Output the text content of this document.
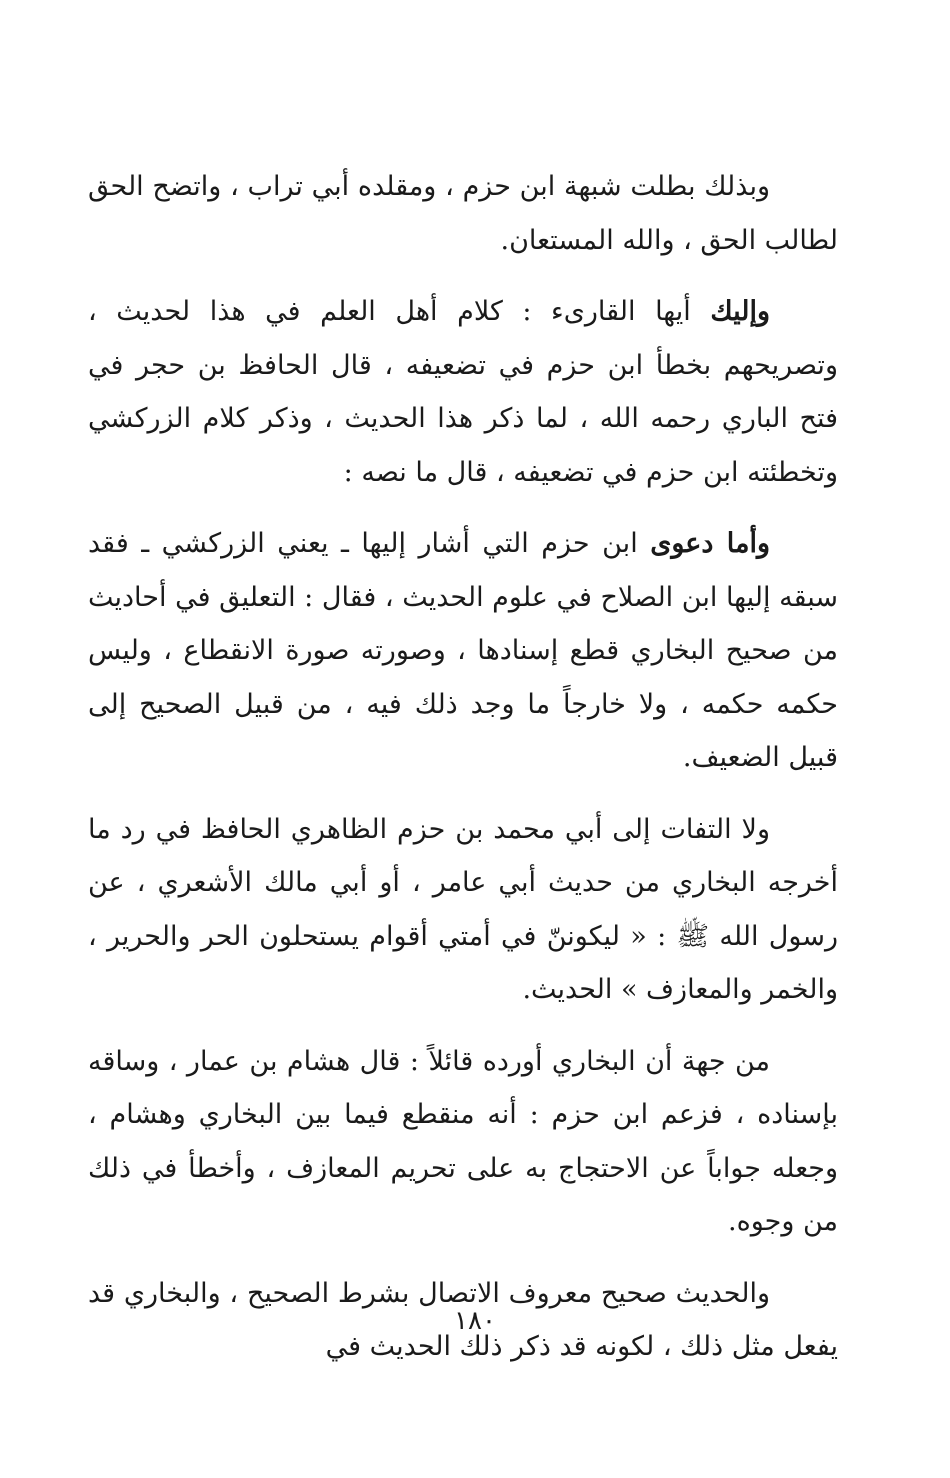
وبذلك بطلت شبهة ابن حزم ، ومقلده أبي تراب ، واتضح الحق لطالب الحق ، والله المستعان.

وإليك أيها القارىء : كلام أهل العلم في هذا لحديث ، وتصريحهم بخطأ ابن حزم في تضعيفه ، قال الحافظ بن حجر في فتح الباري رحمه الله ، لما ذكر هذا الحديث ، وذكر كلام الزركشي وتخطئته ابن حزم في تضعيفه ، قال ما نصه :

وأما دعوى ابن حزم التي أشار إليها ـ يعني الزركشي ـ فقد سبقه إليها ابن الصلاح في علوم الحديث ، فقال : التعليق في أحاديث من صحيح البخاري قطع إسنادها ، وصورته صورة الانقطاع ، وليس حكمه حكمه ، ولا خارجاً ما وجد ذلك فيه ، من قبيل الصحيح إلى قبيل الضعيف.

ولا التفات إلى أبي محمد بن حزم الظاهري الحافظ في رد ما أخرجه البخاري من حديث أبي عامر ، أو أبي مالك الأشعري ، عن رسول الله ﷺ : « ليكوننّ في أمتي أقوام يستحلون الحر والحرير ، والخمر والمعازف » الحديث.

من جهة أن البخاري أورده قائلاً : قال هشام بن عمار ، وساقه بإسناده ، فزعم ابن حزم : أنه منقطع فيما بين البخاري وهشام ، وجعله جواباً عن الاحتجاج به على تحريم المعازف ، وأخطأ في ذلك من وجوه.

والحديث صحيح معروف الاتصال بشرط الصحيح ، والبخاري قد يفعل مثل ذلك ، لكونه قد ذكر ذلك الحديث في

١٨٠
